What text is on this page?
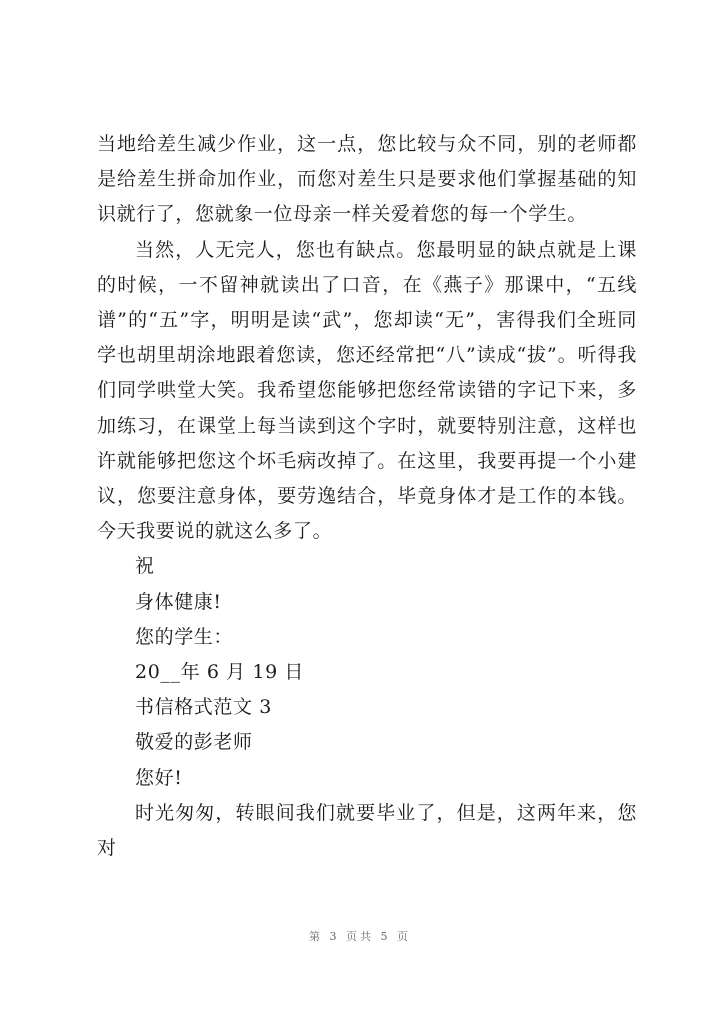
当地给差生减少作业，这一点，您比较与众不同，别的老师都是给差生拼命加作业，而您对差生只是要求他们掌握基础的知识就行了，您就象一位母亲一样关爱着您的每一个学生。

当然，人无完人，您也有缺点。您最明显的缺点就是上课的时候，一不留神就读出了口音，在《燕子》那课中，“五线谱”的“五”字，明明是读“武”，您却读“无”，害得我们全班同学也胡里胡涂地跟着您读，您还经常把“八”读成“拔”。听得我们同学哄堂大笑。我希望您能够把您经常读错的字记下来，多加练习，在课堂上每当读到这个字时，就要特别注意，这样也许就能够把您这个坏毛病改掉了。在这里，我要再提一个小建议，您要注意身体，要劳逸结合，毕竟身体才是工作的本钱。今天我要说的就这么多了。

祝

身体健康!

您的学生：

20__年 6 月 19 日

书信格式范文 3

敬爱的彭老师

您好!

时光匆匆，转眼间我们就要毕业了，但是，这两年来，您对

第 3 页共 5 页
